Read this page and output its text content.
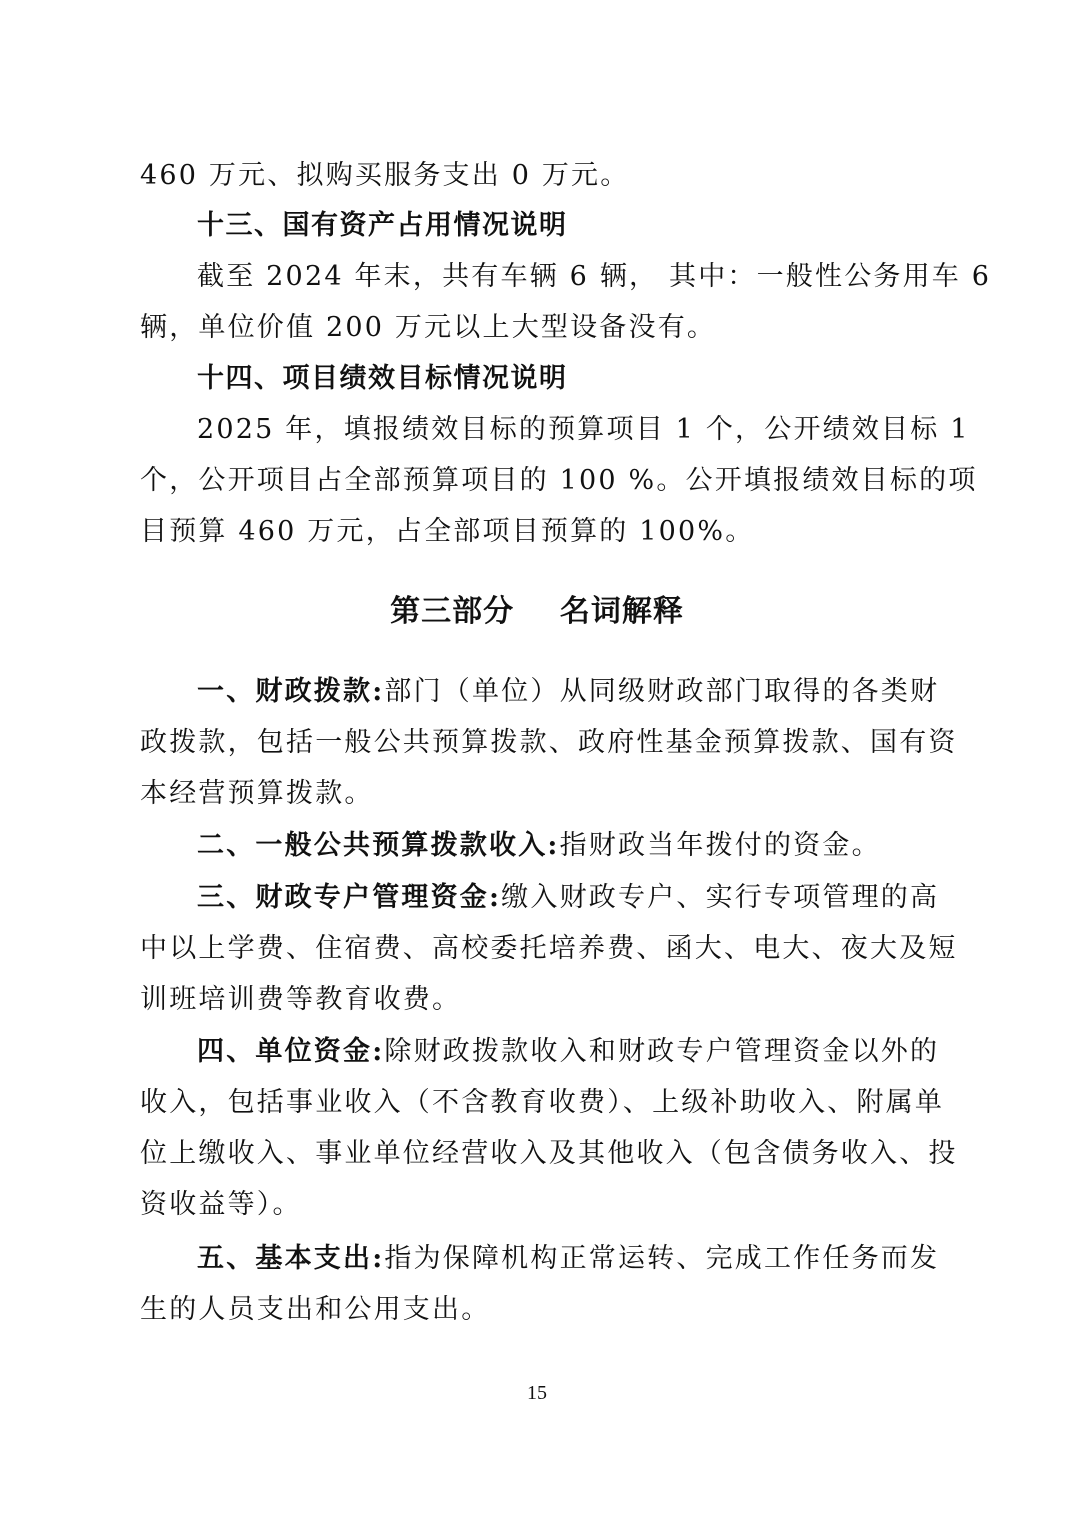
460 万元、拟购买服务支出 0 万元。
十三、国有资产占用情况说明
截至 2024 年末，共有车辆 6 辆， 其中：一般性公务用车 6
辆，单位价值 200 万元以上大型设备没有。
十四、项目绩效目标情况说明
2025 年，填报绩效目标的预算项目 1 个，公开绩效目标 1
个，公开项目占全部预算项目的 100 %。公开填报绩效目标的项
目预算 460 万元，占全部项目预算的 100%。
第三部分    名词解释
一、财政拨款:部门（单位）从同级财政部门取得的各类财
政拨款，包括一般公共预算拨款、政府性基金预算拨款、国有资
本经营预算拨款。
二、一般公共预算拨款收入:指财政当年拨付的资金。
三、财政专户管理资金:缴入财政专户、实行专项管理的高
中以上学费、住宿费、高校委托培养费、函大、电大、夜大及短
训班培训费等教育收费。
四、单位资金:除财政拨款收入和财政专户管理资金以外的
收入，包括事业收入（不含教育收费）、上级补助收入、附属单
位上缴收入、事业单位经营收入及其他收入（包含债务收入、投
资收益等）。
五、基本支出:指为保障机构正常运转、完成工作任务而发
生的人员支出和公用支出。
15
